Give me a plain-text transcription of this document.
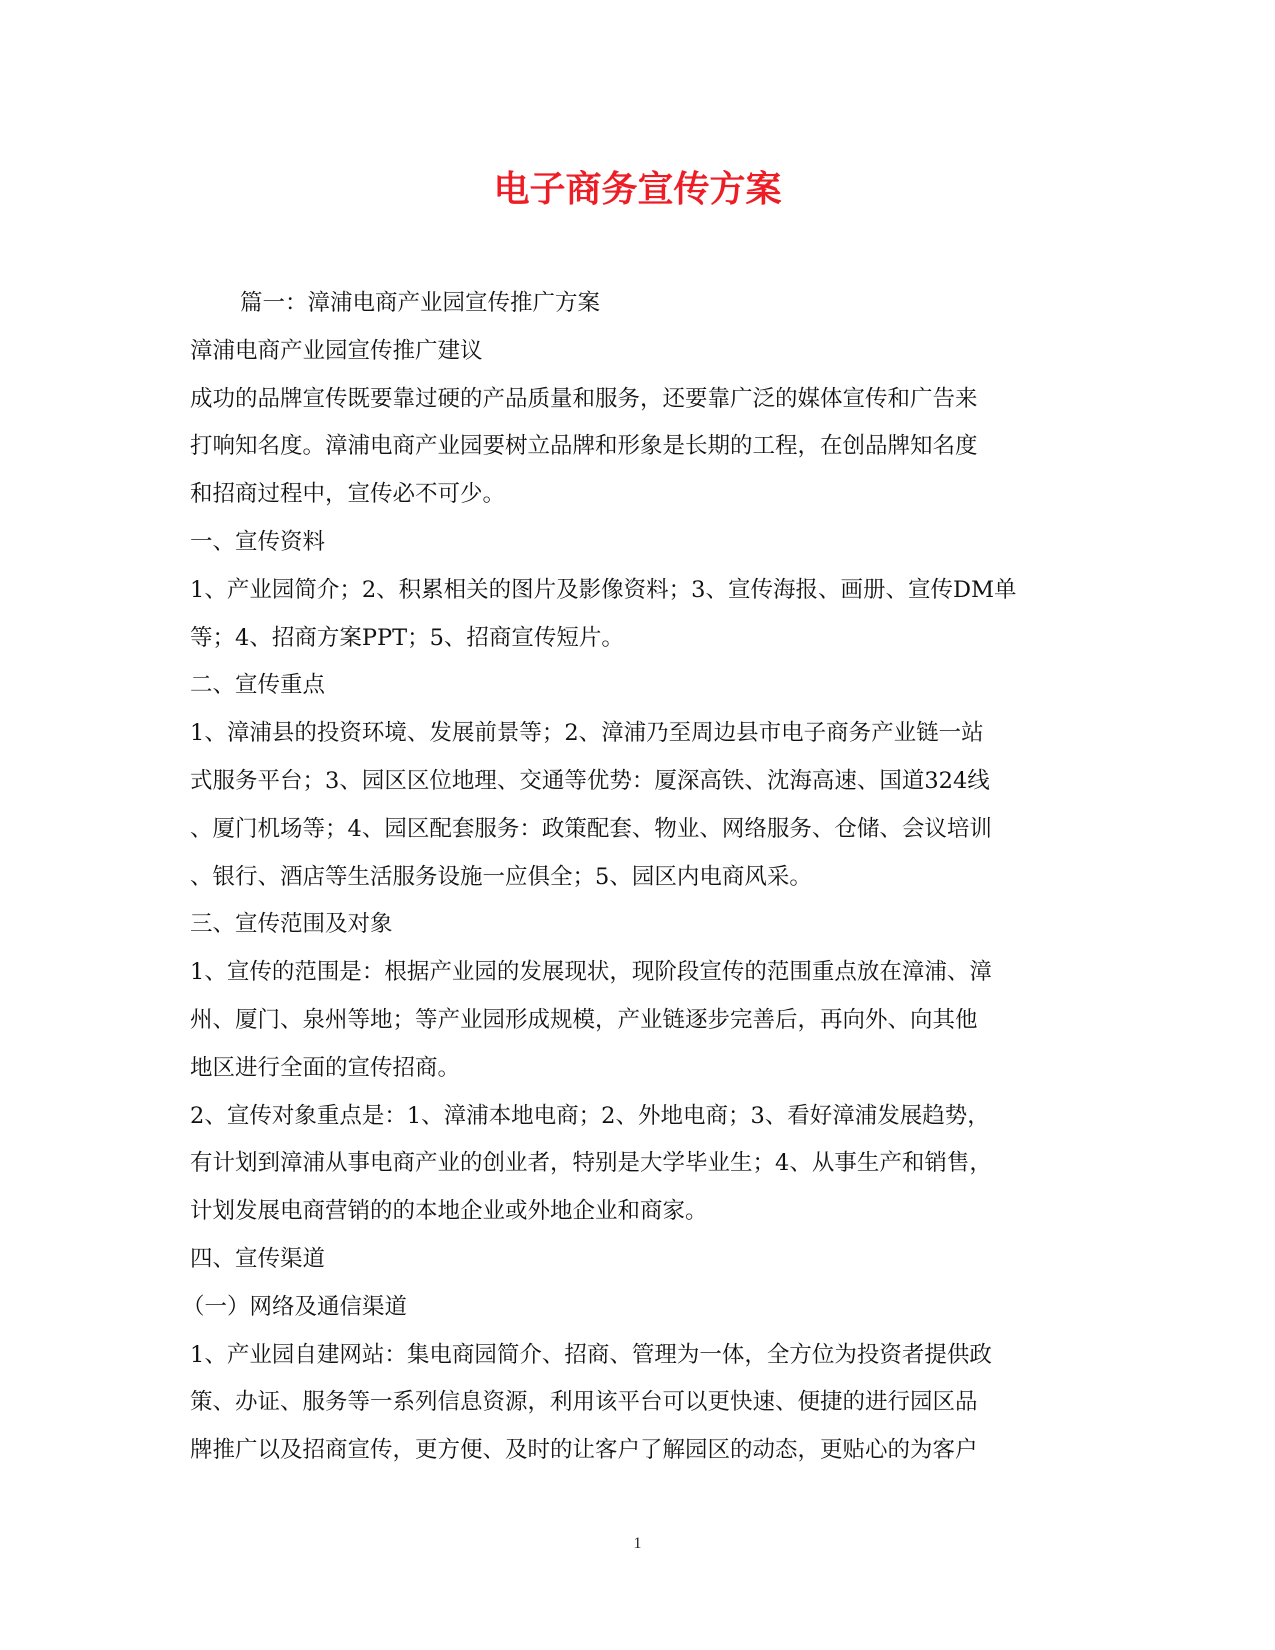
电子商务宣传方案
篇一：漳浦电商产业园宣传推广方案
漳浦电商产业园宣传推广建议
成功的品牌宣传既要靠过硬的产品质量和服务，还要靠广泛的媒体宣传和广告来
打响知名度。漳浦电商产业园要树立品牌和形象是长期的工程，在创品牌知名度
和招商过程中，宣传必不可少。
一、宣传资料
1、产业园简介；2、积累相关的图片及影像资料；3、宣传海报、画册、宣传DM单
等；4、招商方案PPT；5、招商宣传短片。
二、宣传重点
1、漳浦县的投资环境、发展前景等；2、漳浦乃至周边县市电子商务产业链一站
式服务平台；3、园区区位地理、交通等优势：厦深高铁、沈海高速、国道324线
、厦门机场等；4、园区配套服务：政策配套、物业、网络服务、仓储、会议培训
、银行、酒店等生活服务设施一应俱全；5、园区内电商风采。
三、宣传范围及对象
1、宣传的范围是：根据产业园的发展现状，现阶段宣传的范围重点放在漳浦、漳
州、厦门、泉州等地；等产业园形成规模，产业链逐步完善后，再向外、向其他
地区进行全面的宣传招商。
2、宣传对象重点是：1、漳浦本地电商；2、外地电商；3、看好漳浦发展趋势，
有计划到漳浦从事电商产业的创业者，特别是大学毕业生；4、从事生产和销售，
计划发展电商营销的的本地企业或外地企业和商家。
四、宣传渠道
（一）网络及通信渠道
1、产业园自建网站：集电商园简介、招商、管理为一体，全方位为投资者提供政
策、办证、服务等一系列信息资源，利用该平台可以更快速、便捷的进行园区品
牌推广以及招商宣传，更方便、及时的让客户了解园区的动态，更贴心的为客户
1
